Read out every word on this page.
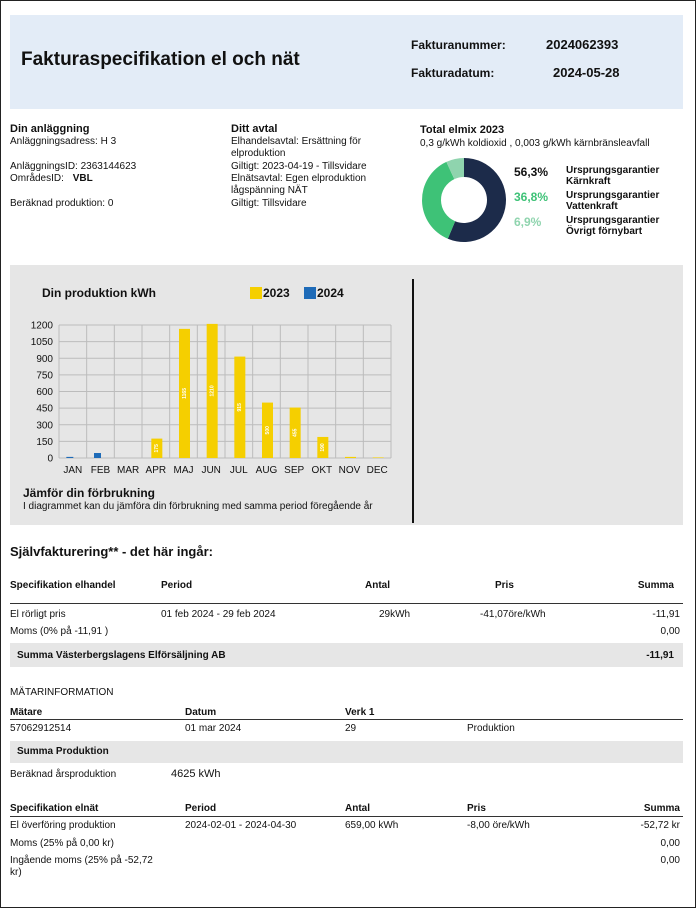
Fakturaspecifikation el och nät
Fakturanummer:	2024062393
Fakturadatum:	2024-05-28
Din anläggning
Anläggningsadress: H 3
AnläggningsID: 2363144623
OmrådesID: VBL
Beräknad produktion: 0
Ditt avtal
Elhandelsavtal: Ersättning för
elproduktion
Giltigt: 2023-04-19 - Tillsvidare
Elnätsavtal: Egen elproduktion
lågspänning NÄT
Giltigt: Tillsvidare
Total elmix 2023
0,3 g/kWh koldioxid , 0,003 g/kWh kärnbränsleavfall
56,3% Ursprungsgarantier
Kärnkraft
36,8% Ursprungsgarantier
Vattenkraft
6,9% Ursprungsgarantier
Övrigt förnybart
Din produktion kWh	2023 2024
0
150
300
450
600
750
900
1050
1200
JAN FEB MAR APR
175
MAJ
1165
JUN
1210
JUL
915
AUG
500
SEP
455
OKT
190
NOV DEC
Jämför din förbrukning
I diagrammet kan du jämföra din förbrukning med samma period föregående år
Självfakturering** - det här ingår:
Specifikation elhandel	Period	Antal	Pris	Summa
El rörligt pris	01 feb 2024 - 29 feb 2024	29kWh	-41,07öre/kWh	-11,91
Moms (0% på -11,91 )	0,00
Summa Västerbergslagens Elförsäljning AB	-11,91
MÄTARINFORMATION
Mätare	Datum	Verk 1
57062912514	01 mar 2024	29	Produktion
Summa Produktion
Beräknad årsproduktion	4625 kWh
Specifikation elnät	Period	Antal	Pris	Summa
El överföring produktion	2024-02-01 - 2024-04-30	659,00 kWh	-8,00 öre/kWh	-52,72 kr
Moms (25% på 0,00 kr)	0,00
Ingående moms (25% på -52,72
kr)
0,00
